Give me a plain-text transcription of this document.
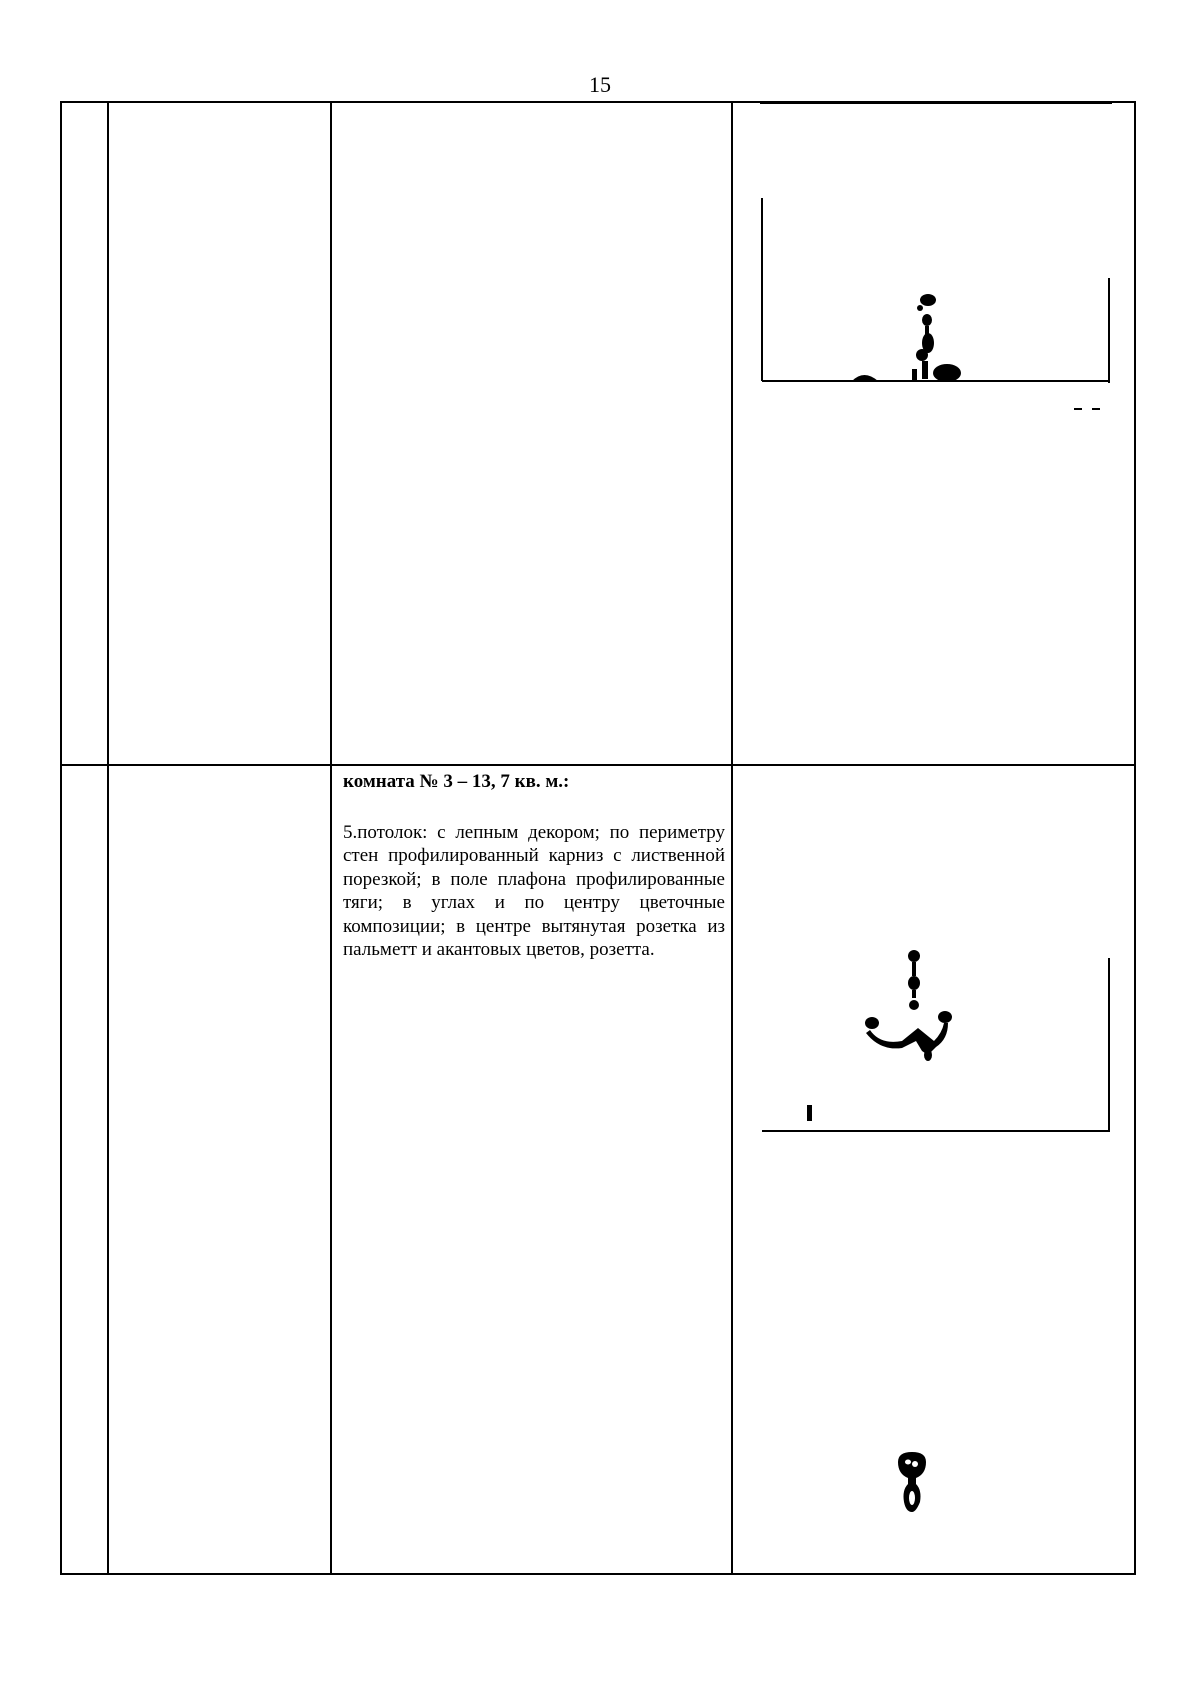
15

комната № 3 – 13, 7 кв. м.:

5.потолок: с лепным декором; по периметру стен профилированный карниз с лиственной порезкой; в поле плафона профилированные тяги; в углах и по центру цветочные композиции; в центре вытянутая розетка из пальметт и акантовых цветов, розетта.
